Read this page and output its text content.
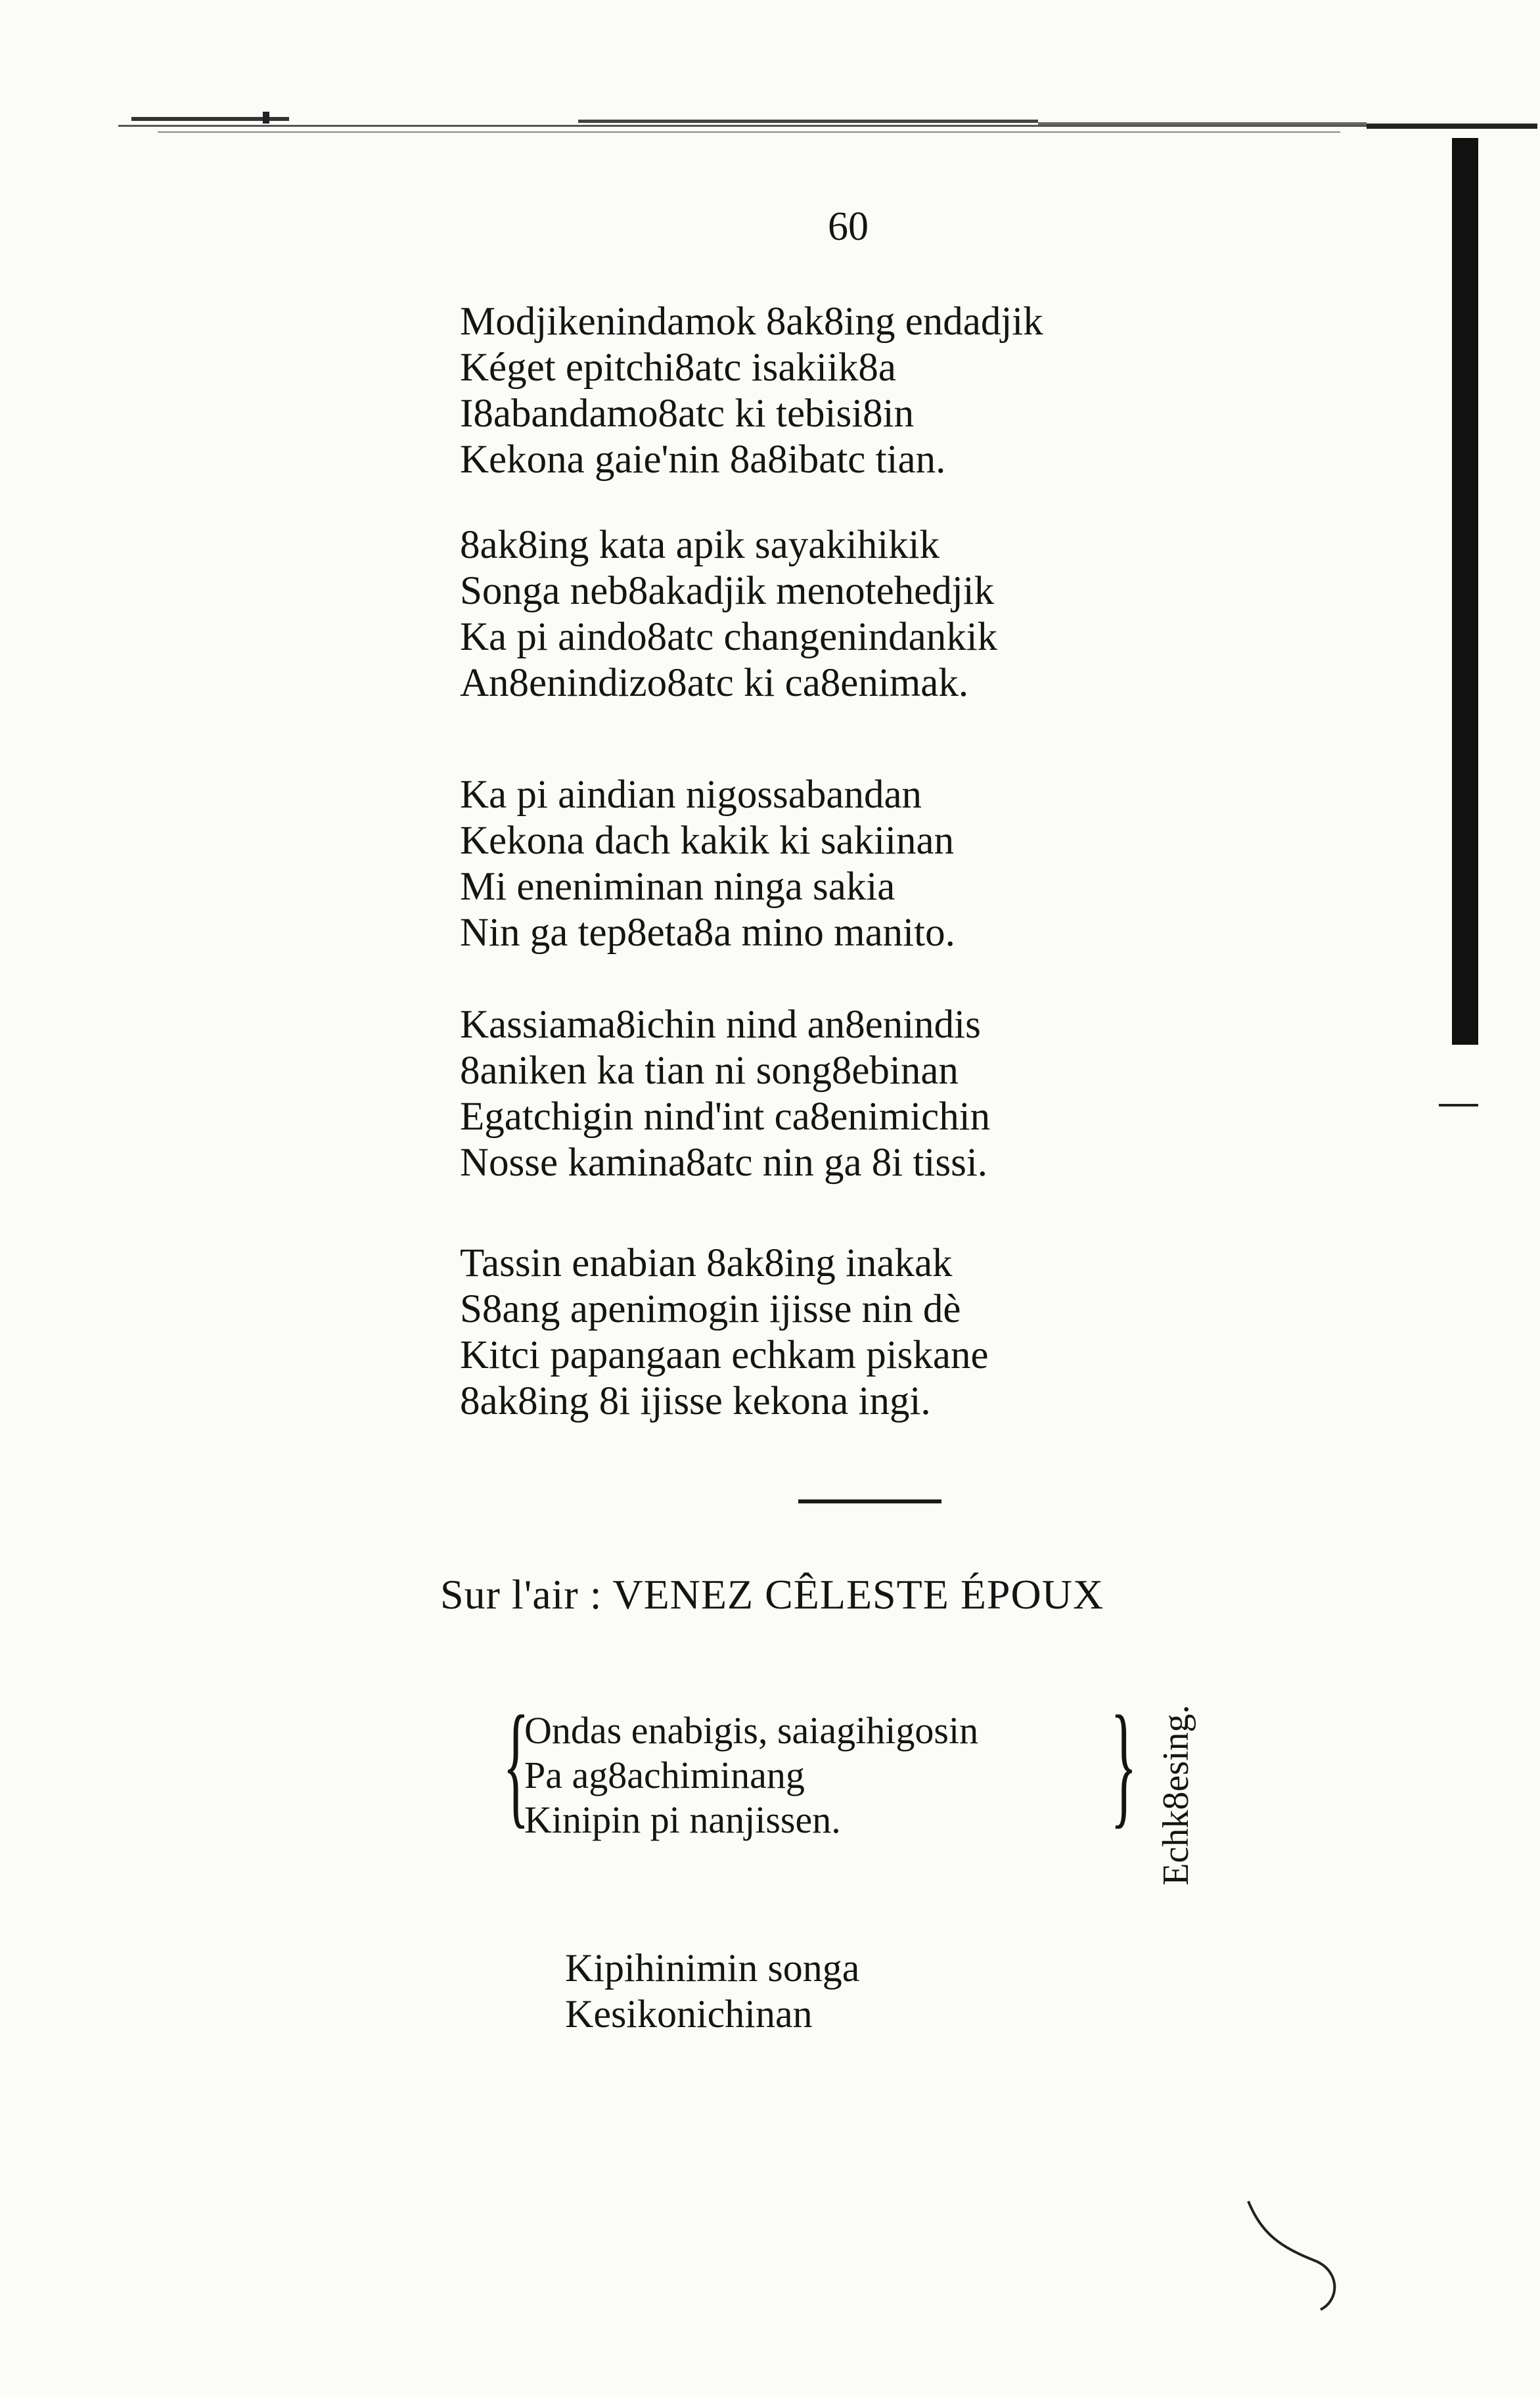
60
Modjikenindamok 8ak8ing endadjik
Kéget epitchi8atc isakiik8a
I8abandamo8atc ki tebisi8in
Kekona gaie'nin 8a8ibatc tian.
8ak8ing kata apik sayakihikik
Songa neb8akadjik menotehedjik
Ka pi aindo8atc changenindankik
An8enindizo8atc ki ca8enimak.
Ka pi aindian nigossabandan
Kekona dach kakik ki sakiinan
Mi eneniminan ninga sakia
Nin ga tep8eta8a mino manito.
Kassiama8ichin nind an8enindis
8aniken ka tian ni song8ebinan
Egatchigin nind'int ca8enimichin
Nosse kamina8atc nin ga 8i tissi.
Tassin enabian 8ak8ing inakak
S8ang apenimogin ijisse nin dè
Kitci papangaan echkam piskane
8ak8ing 8i ijisse kekona ingi.
Sur l'air : VENEZ CÊLESTE ÉPOUX
{
Ondas enabigis, saiagihigosin
Pa ag8achiminang
Kinipin pi nanjissen.	} Echk8esing.
Kipihinimin songa
Kesikonichinan
